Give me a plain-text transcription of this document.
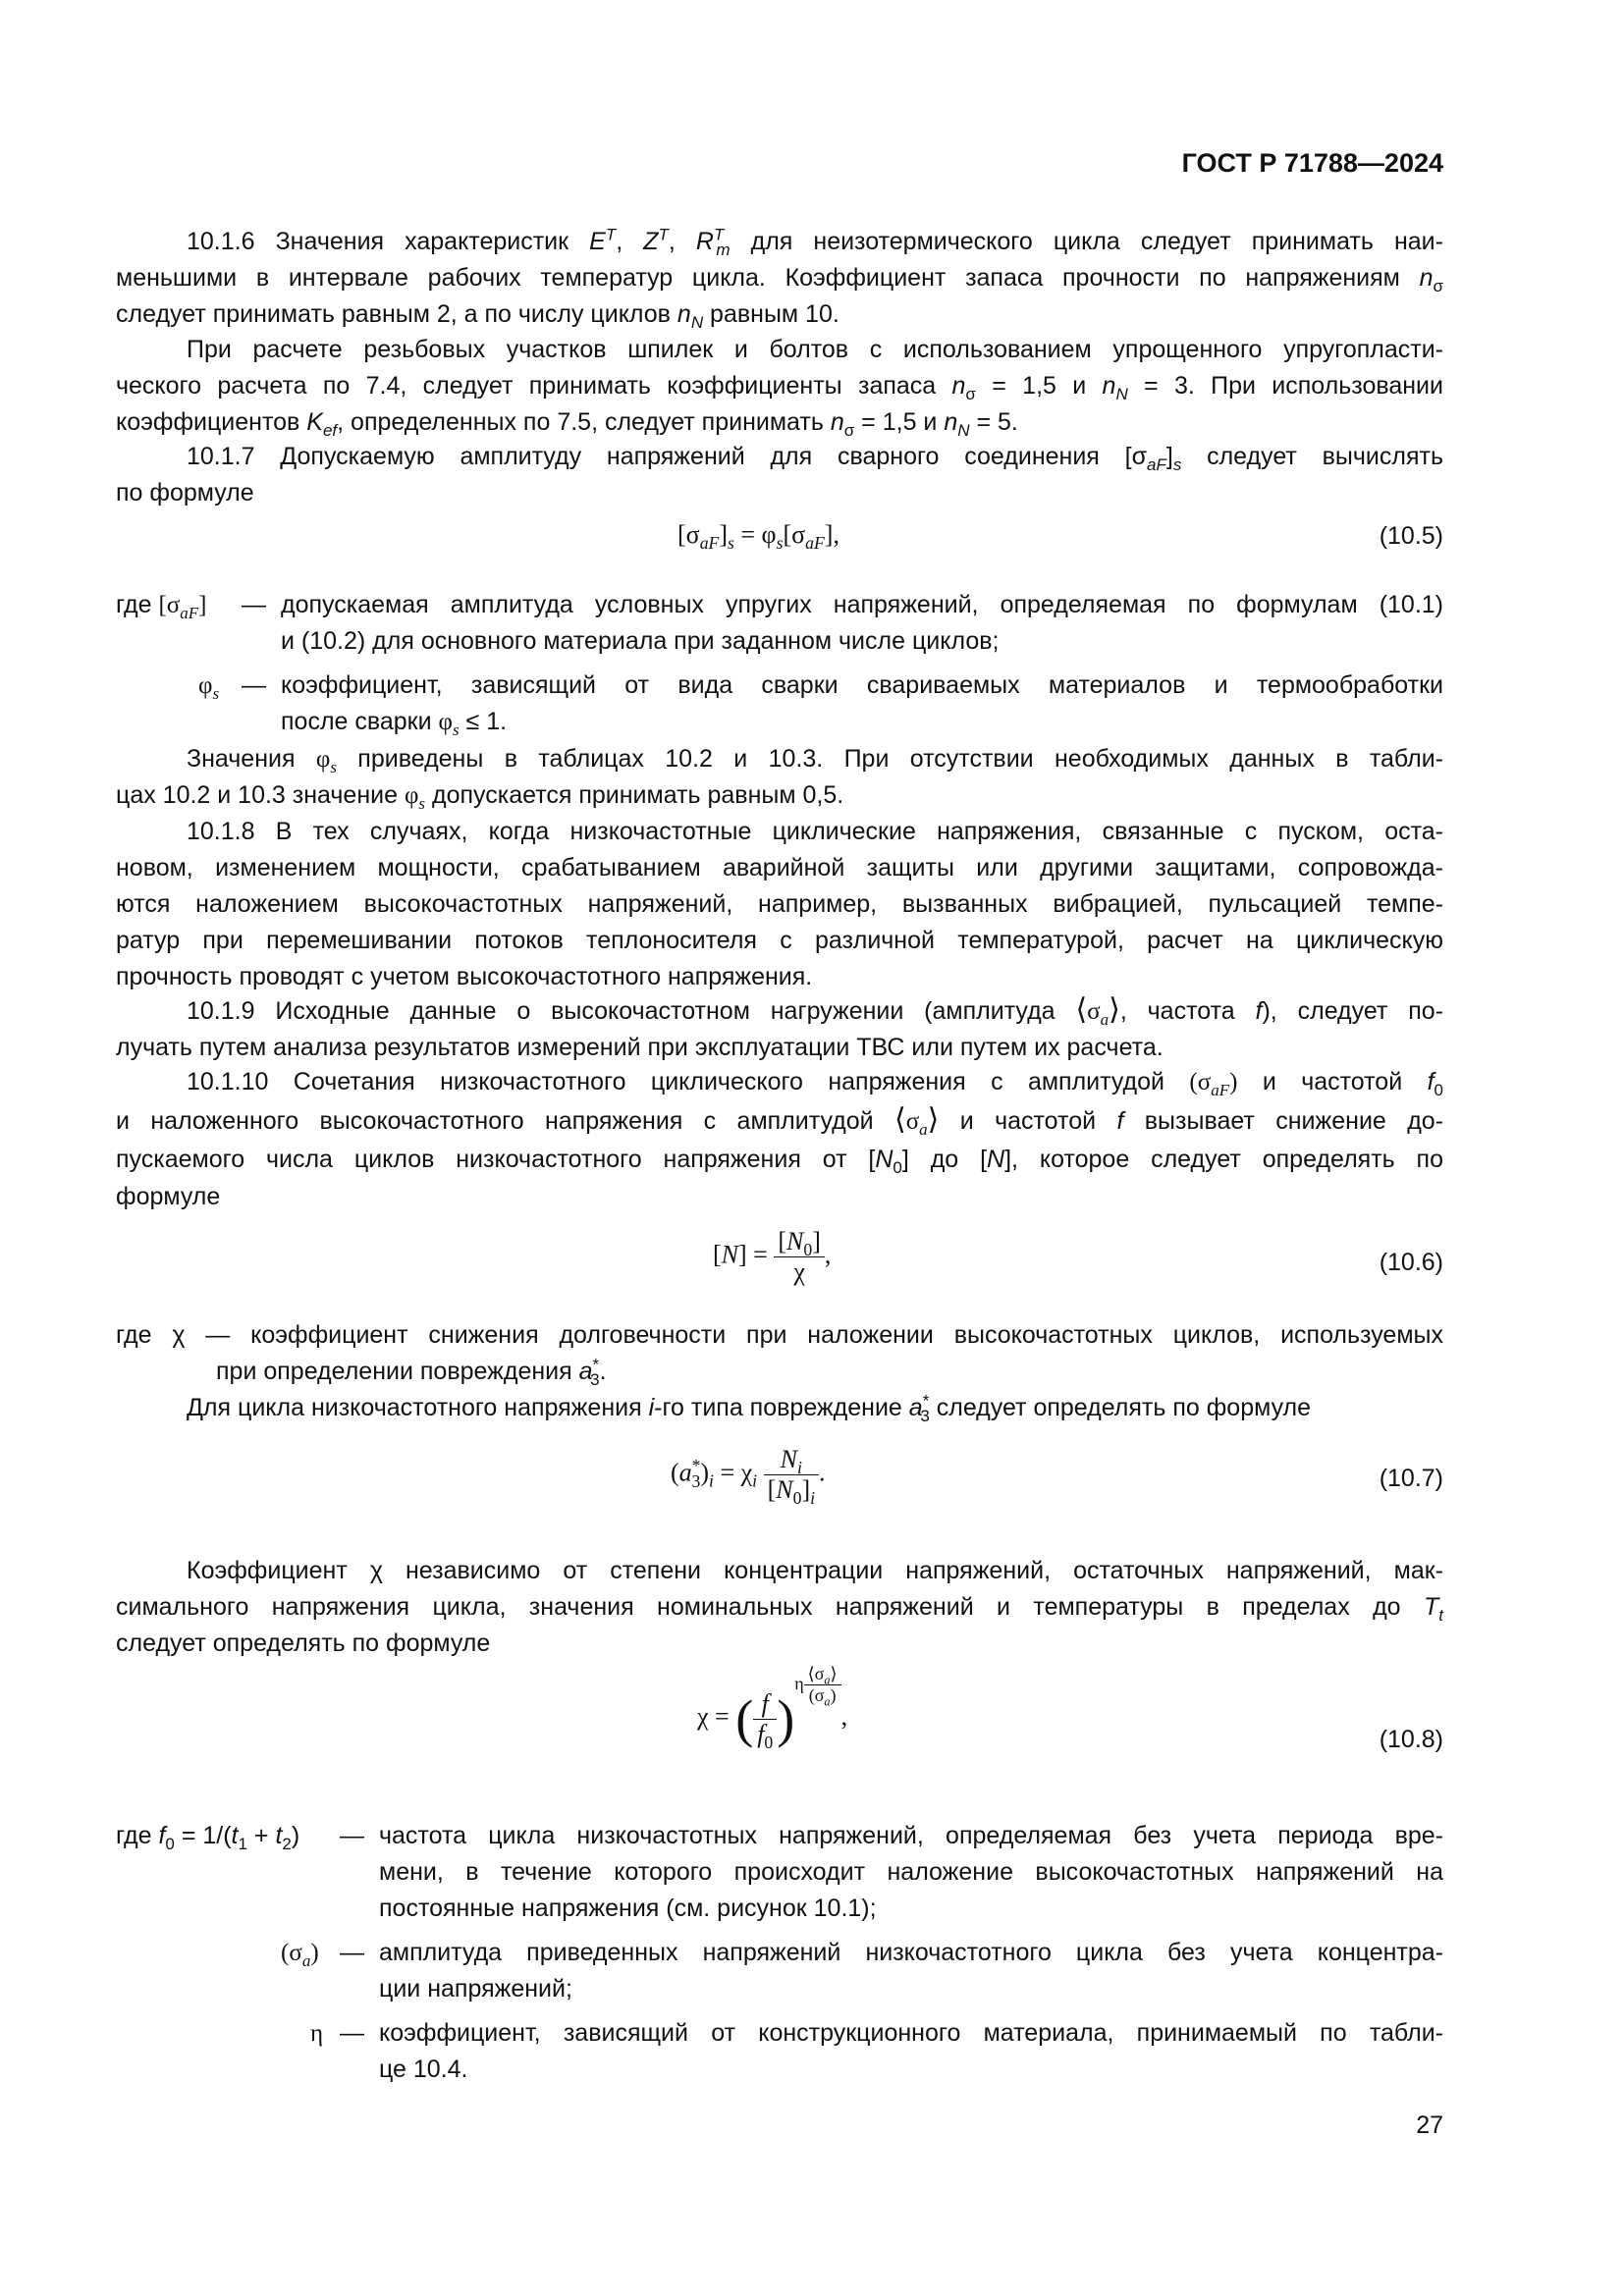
ГОСТ Р 71788—2024
10.1.6 Значения характеристик $E^T$, $Z^T$, $R^T_m$ для неизотермического цикла следует принимать наи-
меньшими в интервале рабочих температур цикла. Коэффициент запаса прочности по напряжениям $n_\sigma$
следует принимать равным 2, а по числу циклов $n_N$ равным 10.
При расчете резьбовых участков шпилек и болтов с использованием упрощенного упругопласти-
ческого расчета по 7.4, следует принимать коэффициенты запаса $n_\sigma = 1,5$ и $n_N = 3$. При использовании
коэффициентов $K_{ef}$, определенных по 7.5, следует принимать $n_\sigma = 1,5$ и $n_N = 5$.
10.1.7 Допускаемую амплитуду напряжений для сварного соединения $[\sigma_{aF}]_s$ следует вычислять
по формуле
$[\sigma_{aF}]_s = \varphi_s[\sigma_{aF}]$,	(10.5)
где $[\sigma_{aF}]$ — допускаемая амплитуда условных упругих напряжений, определяемая по формулам (10.1)
и (10.2) для основного материала при заданном числе циклов;
$\varphi_s$ — коэффициент, зависящий от вида сварки свариваемых материалов и термообработки
после сварки $\varphi_s \le 1$.
Значения $\varphi_s$ приведены в таблицах 10.2 и 10.3. При отсутствии необходимых данных в табли-
цах 10.2 и 10.3 значение $\varphi_s$ допускается принимать равным 0,5.
10.1.8 В тех случаях, когда низкочастотные циклические напряжения, связанные с пуском, оста-
новом, изменением мощности, срабатыванием аварийной защиты или другими защитами, сопровожда-
ются наложением высокочастотных напряжений, например, вызванных вибрацией, пульсацией темпе-
ратур при перемешивании потоков теплоносителя с различной температурой, расчет на циклическую
прочность проводят с учетом высокочастотного напряжения.
10.1.9 Исходные данные о высокочастотном нагружении (амплитуда $⟨\sigma_a⟩$, частота f), следует по-
лучать путем анализа результатов измерений при эксплуатации ТВС или путем их расчета.
10.1.10 Сочетания низкочастотного циклического напряжения с амплитудой $(\sigma_{aF})$ и частотой $f_0$
и наложенного высокочастотного напряжения с амплитудой $⟨\sigma_a⟩$ и частотой f вызывает снижение до-
пускаемого числа циклов низкочастотного напряжения от $[N_0]$ до [N], которое следует определять по
формуле
$[N] = \frac{[N_0]}{\chi}$ ,	(10.6)
где χ — коэффициент снижения долговечности при наложении высокочастотных циклов, используемых
при определении повреждения $a^*_3$.
Для цикла низкочастотного напряжения i-го типа повреждение $a^*_3$ следует определять по формуле
$(a^*_3)_i = \chi_i \frac{N_i}{[N_0]_i}$ .	(10.7)
Коэффициент χ независимо от степени концентрации напряжений, остаточных напряжений, мак-
симального напряжения цикла, значения номинальных напряжений и температуры в пределах до $T_t$
следует определять по формуле
χ = ( $\frac{f}{f_0} )^{\eta \frac{⟨\sigma_a⟩}{(\sigma_a)}}$
,
(10.8)
где $f_0 = 1/(t_1 + t_2)$ — частота цикла низкочастотных напряжений, определяемая без учета периода вре-
мени, в течение которого происходит наложение высокочастотных напряжений на
постоянные напряжения (см. рисунок 10.1);
$(\sigma_a)$ — амплитуда приведенных напряжений низкочастотного цикла без учета концентра-
ции напряжений;
η — коэффициент, зависящий от конструкционного материала, принимаемый по табли-
це 10.4.
27
